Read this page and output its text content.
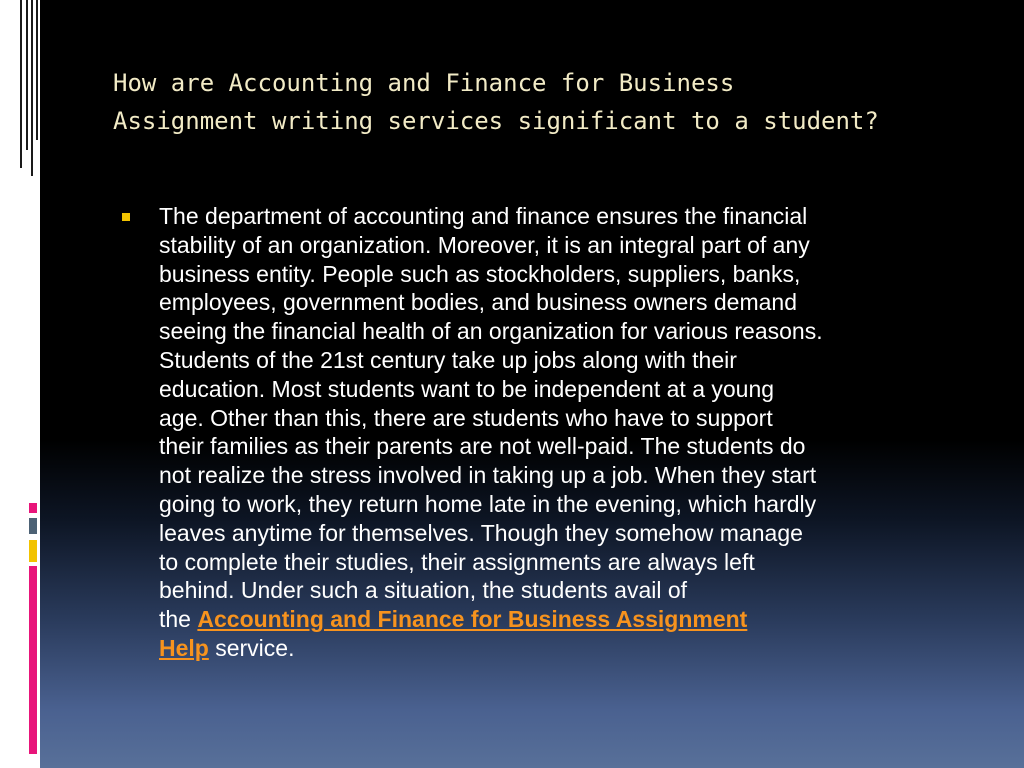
How are Accounting and Finance for Business
Assignment writing services significant to a student?

The department of accounting and finance ensures the financial
stability of an organization. Moreover, it is an integral part of any
business entity. People such as stockholders, suppliers, banks,
employees, government bodies, and business owners demand
seeing the financial health of an organization for various reasons.
Students of the 21st century take up jobs along with their
education. Most students want to be independent at a young
age. Other than this, there are students who have to support
their families as their parents are not well-paid. The students do
not realize the stress involved in taking up a job. When they start
going to work, they return home late in the evening, which hardly
leaves anytime for themselves. Though they somehow manage
to complete their studies, their assignments are always left
behind. Under such a situation, the students avail of
the Accounting and Finance for Business Assignment
Help service.
